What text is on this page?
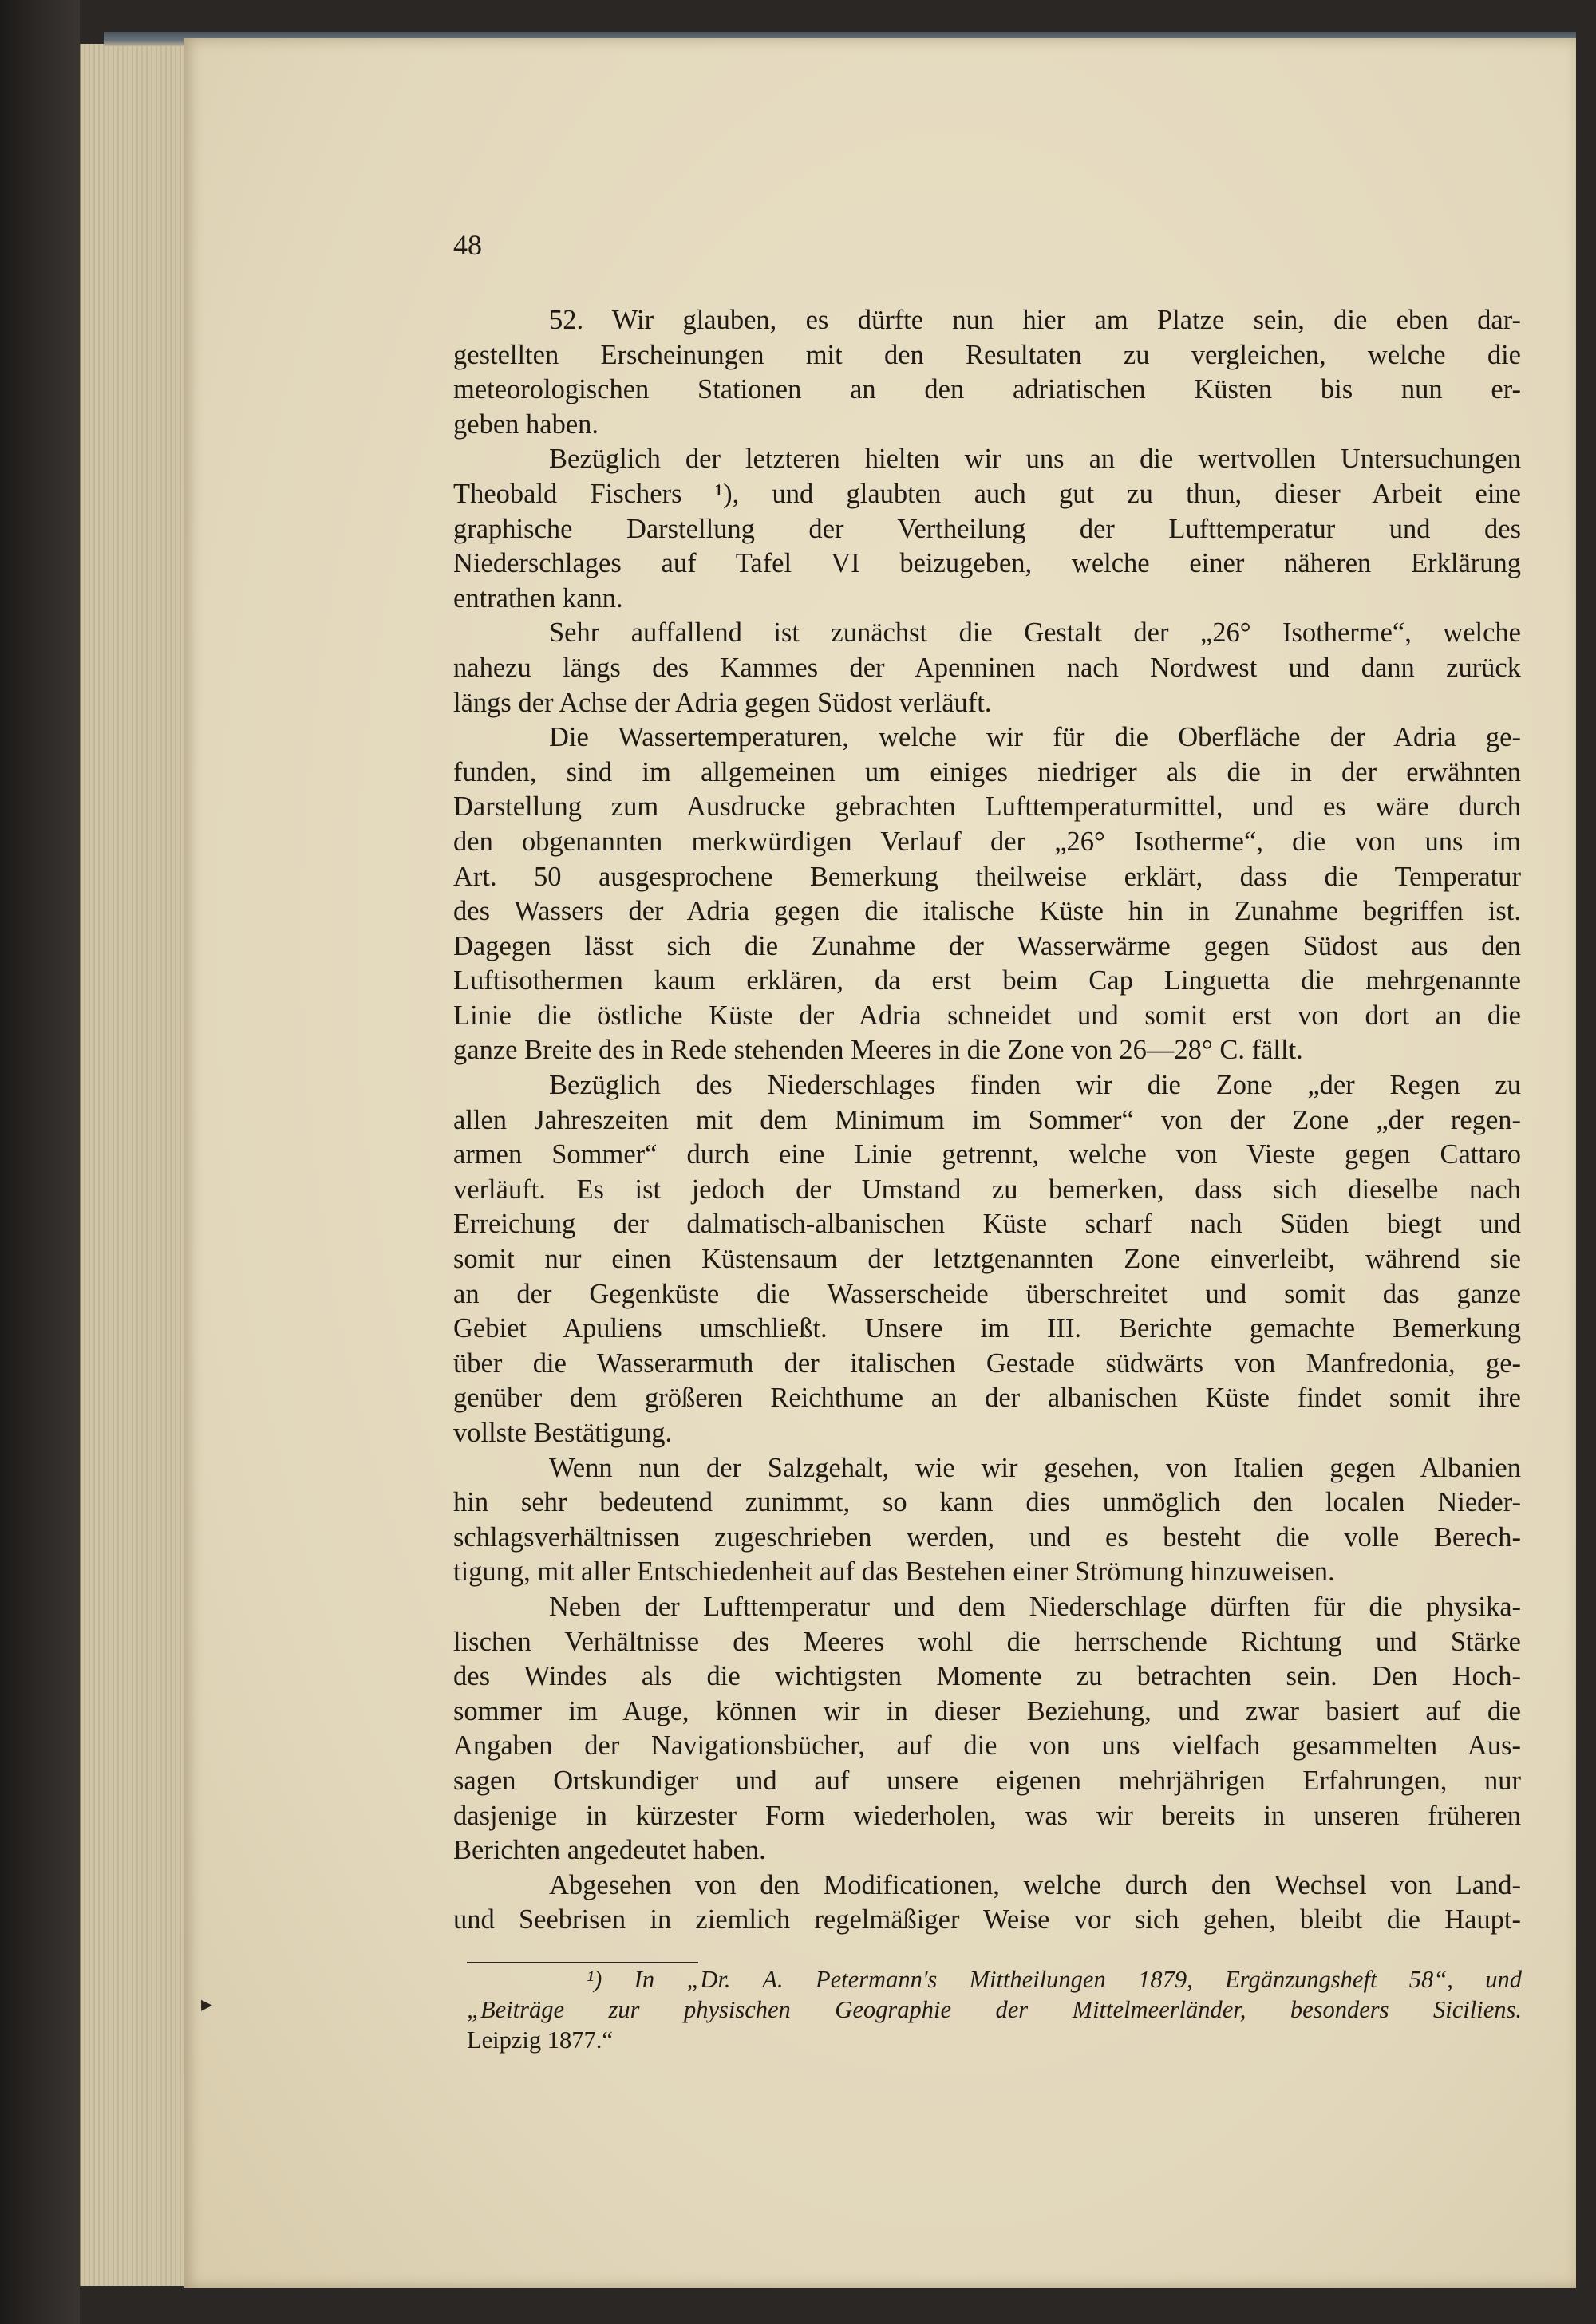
48
52. Wir glauben, es dürfte nun hier am Platze sein, die eben dar-
gestellten Erscheinungen mit den Resultaten zu vergleichen, welche die
meteorologischen Stationen an den adriatischen Küsten bis nun er-
geben haben.
Bezüglich der letzteren hielten wir uns an die wertvollen Untersuchungen
Theobald Fischers ¹), und glaubten auch gut zu thun, dieser Arbeit eine
graphische Darstellung der Vertheilung der Lufttemperatur und des
Niederschlages auf Tafel VI beizugeben, welche einer näheren Erklärung
entrathen kann.
Sehr auffallend ist zunächst die Gestalt der „26° Isotherme“, welche
nahezu längs des Kammes der Apenninen nach Nordwest und dann zurück
längs der Achse der Adria gegen Südost verläuft.
Die Wassertemperaturen, welche wir für die Oberfläche der Adria ge-
funden, sind im allgemeinen um einiges niedriger als die in der erwähnten
Darstellung zum Ausdrucke gebrachten Lufttemperaturmittel, und es wäre durch
den obgenannten merkwürdigen Verlauf der „26° Isotherme“, die von uns im
Art. 50 ausgesprochene Bemerkung theilweise erklärt, dass die Temperatur
des Wassers der Adria gegen die italische Küste hin in Zunahme begriffen ist.
Dagegen lässt sich die Zunahme der Wasserwärme gegen Südost aus den
Luftisothermen kaum erklären, da erst beim Cap Linguetta die mehrgenannte
Linie die östliche Küste der Adria schneidet und somit erst von dort an die
ganze Breite des in Rede stehenden Meeres in die Zone von 26—28° C. fällt.
Bezüglich des Niederschlages finden wir die Zone „der Regen zu
allen Jahreszeiten mit dem Minimum im Sommer“ von der Zone „der regen-
armen Sommer“ durch eine Linie getrennt, welche von Vieste gegen Cattaro
verläuft. Es ist jedoch der Umstand zu bemerken, dass sich dieselbe nach
Erreichung der dalmatisch-albanischen Küste scharf nach Süden biegt und
somit nur einen Küstensaum der letztgenannten Zone einverleibt, während sie
an der Gegenküste die Wasserscheide überschreitet und somit das ganze
Gebiet Apuliens umschließt. Unsere im III. Berichte gemachte Bemerkung
über die Wasserarmuth der italischen Gestade südwärts von Manfredonia, ge-
genüber dem größeren Reichthume an der albanischen Küste findet somit ihre
vollste Bestätigung.
Wenn nun der Salzgehalt, wie wir gesehen, von Italien gegen Albanien
hin sehr bedeutend zunimmt, so kann dies unmöglich den localen Nieder-
schlagsverhältnissen zugeschrieben werden, und es besteht die volle Berech-
tigung, mit aller Entschiedenheit auf das Bestehen einer Strömung hinzuweisen.
Neben der Lufttemperatur und dem Niederschlage dürften für die physika-
lischen Verhältnisse des Meeres wohl die herrschende Richtung und Stärke
des Windes als die wichtigsten Momente zu betrachten sein. Den Hoch-
sommer im Auge, können wir in dieser Beziehung, und zwar basiert auf die
Angaben der Navigationsbücher, auf die von uns vielfach gesammelten Aus-
sagen Ortskundiger und auf unsere eigenen mehrjährigen Erfahrungen, nur
dasjenige in kürzester Form wiederholen, was wir bereits in unseren früheren
Berichten angedeutet haben.
Abgesehen von den Modificationen, welche durch den Wechsel von Land-
und Seebrisen in ziemlich regelmäßiger Weise vor sich gehen, bleibt die Haupt-
¹) In „Dr. A. Petermann's Mittheilungen 1879, Ergänzungsheft 58“, und
„Beiträge zur physischen Geographie der Mittelmeerländer, besonders Siciliens.
Leipzig 1877.“
▸
